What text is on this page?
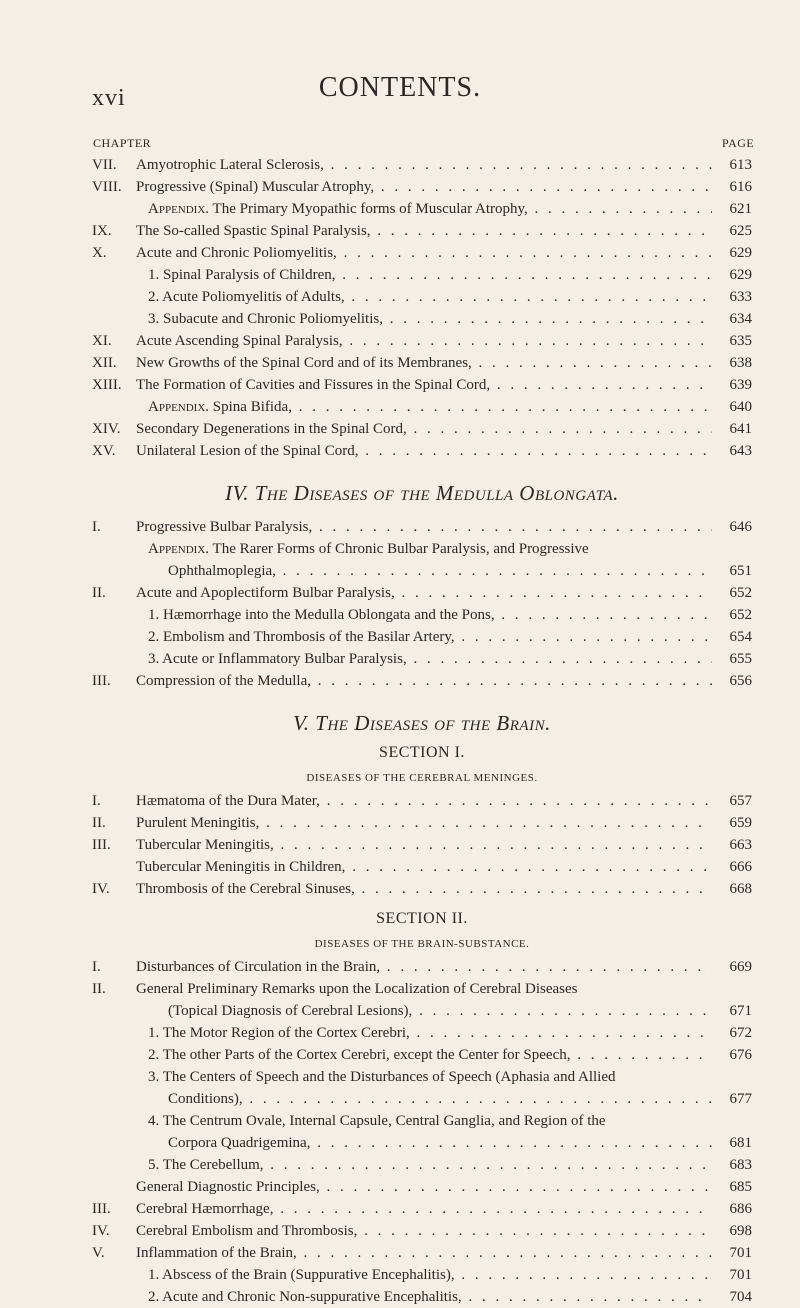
xvi	CONTENTS.
CHAPTER	PAGE
VII.	Amyotrophic Lateral Sclerosis, . . .	613
VIII. Progressive (Spinal) Muscular Atrophy, . . .	616
Appendix. The Primary Myopathic forms of Muscular Atrophy, . . .	621
IX.	The So-called Spastic Spinal Paralysis, . . .	625
X.	Acute and Chronic Poliomyelitis, . . .	629
1. Spinal Paralysis of Children, . . .	629
2. Acute Poliomyelitis of Adults, . . .	633
3. Subacute and Chronic Poliomyelitis, . . .	634
XI.	Acute Ascending Spinal Paralysis, . . .	635
XII.	New Growths of the Spinal Cord and of its Membranes, . . .	638
XIII. The Formation of Cavities and Fissures in the Spinal Cord, . . .	639
Appendix. Spina Bifida, . . .	640
XIV.	Secondary Degenerations in the Spinal Cord, . . .	641
XV.	Unilateral Lesion of the Spinal Cord, . . .	643
IV. The Diseases of the Medulla Oblongata.
I.	Progressive Bulbar Paralysis, . . .	646
Appendix. The Rarer Forms of Chronic Bulbar Paralysis, and Progressive
Ophthalmoplegia, . . .	651
II.	Acute and Apoplectiform Bulbar Paralysis, . . .	652
1. Hæmorrhage into the Medulla Oblongata and the Pons, . . .	652
2. Embolism and Thrombosis of the Basilar Artery, . . .	654
3. Acute or Inflammatory Bulbar Paralysis, . . .	655
III.	Compression of the Medulla, . . .	656
V. The Diseases of the Brain.
SECTION I.
DISEASES OF THE CEREBRAL MENINGES.
I.	Hæmatoma of the Dura Mater, . . .	657
II.	Purulent Meningitis, . . .	659
III.	Tubercular Meningitis, . . .	663
Tubercular Meningitis in Children, . . .	666
IV.	Thrombosis of the Cerebral Sinuses, . . .	668
SECTION II.
DISEASES OF THE BRAIN-SUBSTANCE.
I.	Disturbances of Circulation in the Brain, . . .	669
II.	General Preliminary Remarks upon the Localization of Cerebral Diseases
(Topical Diagnosis of Cerebral Lesions), . . .	671
1. The Motor Region of the Cortex Cerebri, . . .	672
2. The other Parts of the Cortex Cerebri, except the Center for Speech, . . .	676
3. The Centers of Speech and the Disturbances of Speech (Aphasia and Allied
Conditions), . . .	677
4. The Centrum Ovale, Internal Capsule, Central Ganglia, and Region of the
Corpora Quadrigemina, . . .	681
5. The Cerebellum, . . .	683
General Diagnostic Principles, . . .	685
III.	Cerebral Hæmorrhage, . . .	686
IV.	Cerebral Embolism and Thrombosis, . . .	698
V.	Inflammation of the Brain, . . .	701
1. Abscess of the Brain (Suppurative Encephalitis), . . .	701
2. Acute and Chronic Non-suppurative Encephalitis, . . .	704
